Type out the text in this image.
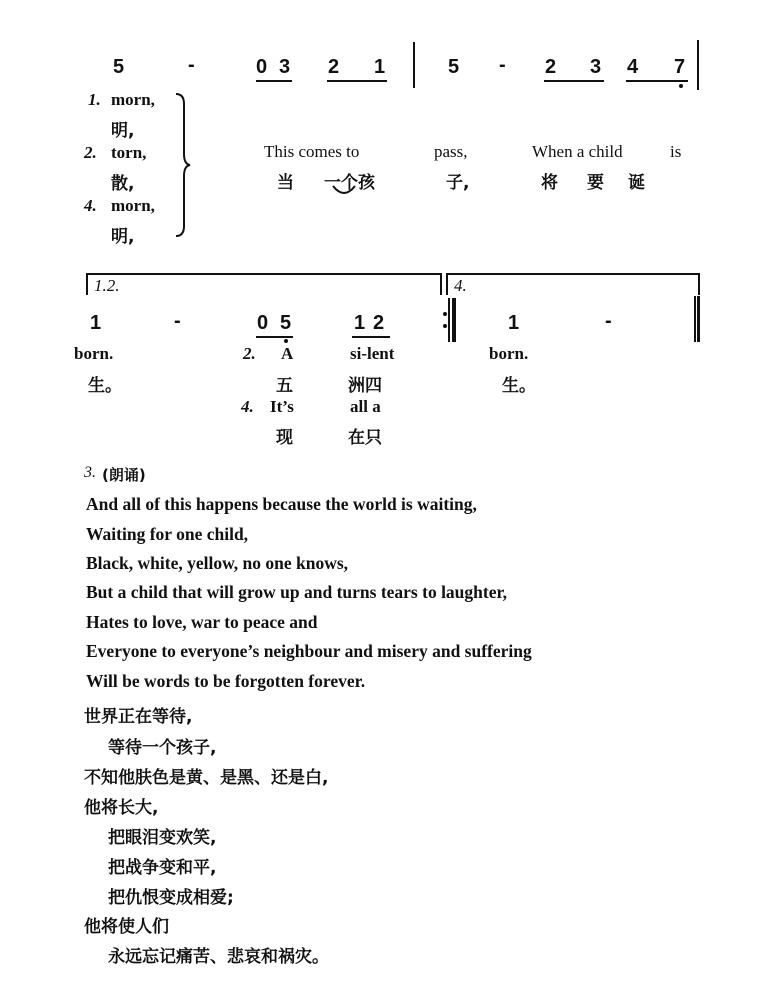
5	-	0 3 2 1	5 - 2 3 4 7
1. morn,
明,
2. torn,
散,
4. morn,
明,
This comes to	pass,	When a child	is
当 一个孩	子,	将 要 诞
1.2.	4.
1	-	0 5	1 2	1	-
born.
生。
2. A	si-lent
五	洲四
4. It’s	all a
现	在只
born.
生。
3. (朗诵)
And all of this happens because the world is waiting,
Waiting for one child,
Black, white, yellow, no one knows,
But a child that will grow up and turns tears to laughter,
Hates to love, war to peace and
Everyone to everyone’s neighbour and misery and suffering
Will be words to be forgotten forever.
世界正在等待,
等待一个孩子,
不知他肤色是黄、是黑、还是白,
他将长大,
把眼泪变欢笑,
把战争变和平,
把仇恨变成相爱;
他将使人们
永远忘记痛苦、悲哀和祸灾。
